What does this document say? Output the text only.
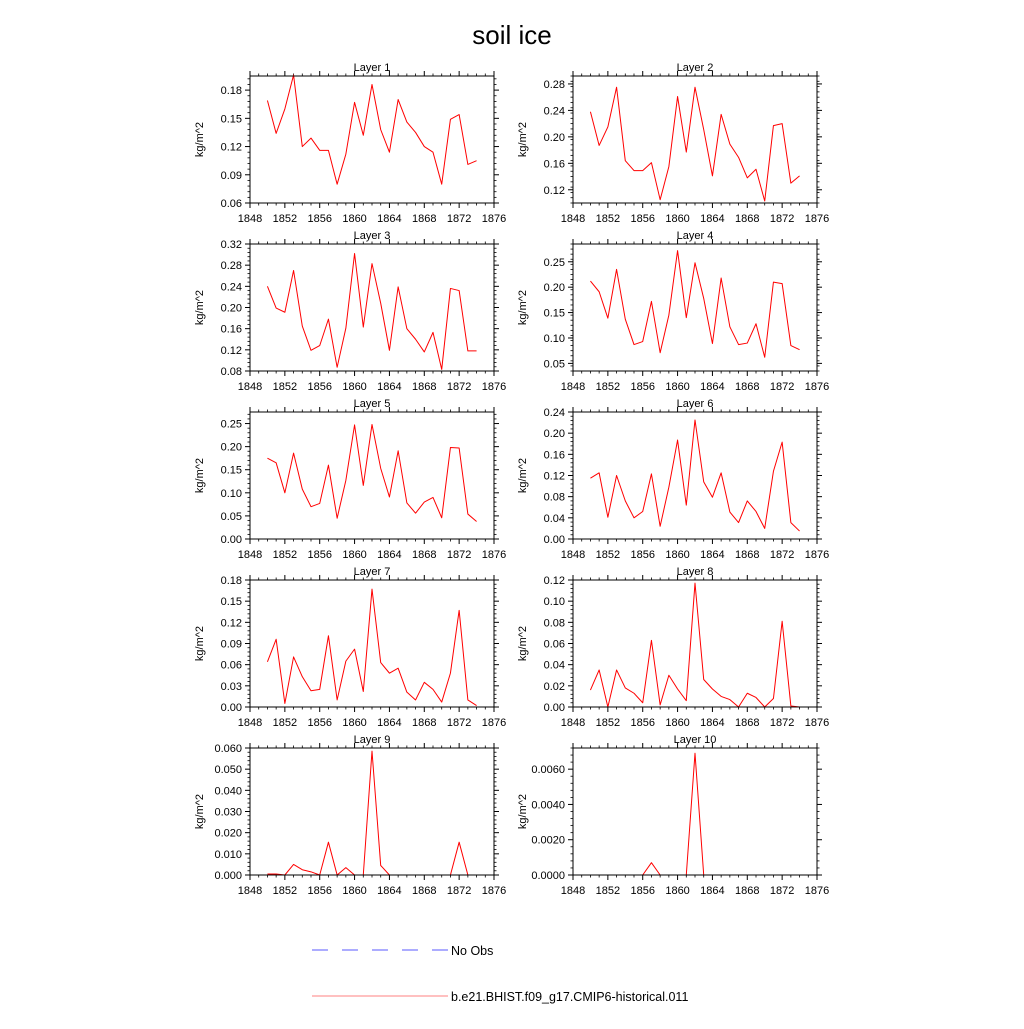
soil ice
Layer 1
kg/m^2
1848 1852 1856 1860 1864 1868 1872 1876
0.06
0.09
0.12
0.15
0.18
Layer 2
kg/m^2
1848 1852 1856 1860 1864 1868 1872 1876
0.12
0.16
0.20
0.24
0.28
Layer 3
kg/m^2
1848 1852 1856 1860 1864 1868 1872 1876
0.08
0.12
0.16
0.20
0.24
0.28
0.32
Layer 4
kg/m^2
1848 1852 1856 1860 1864 1868 1872 1876
0.05
0.10
0.15
0.20
0.25
Layer 5
kg/m^2
1848 1852 1856 1860 1864 1868 1872 1876
0.00
0.05
0.10
0.15
0.20
0.25
Layer 6
kg/m^2
1848 1852 1856 1860 1864 1868 1872 1876
0.00
0.04
0.08
0.12
0.16
0.20
0.24
Layer 7
kg/m^2
1848 1852 1856 1860 1864 1868 1872 1876
0.00
0.03
0.06
0.09
0.12
0.15
0.18
Layer 8
kg/m^2
1848 1852 1856 1860 1864 1868 1872 1876
0.00
0.02
0.04
0.06
0.08
0.10
0.12
Layer 9
kg/m^2
1848 1852 1856 1860 1864 1868 1872 1876
0.000
0.010
0.020
0.030
0.040
0.050
0.060
Layer 10
kg/m^2
1848 1852 1856 1860 1864 1868 1872 1876
0.0000
0.0020
0.0040
0.0060
No Obs
b.e21.BHIST.f09_g17.CMIP6-historical.011
